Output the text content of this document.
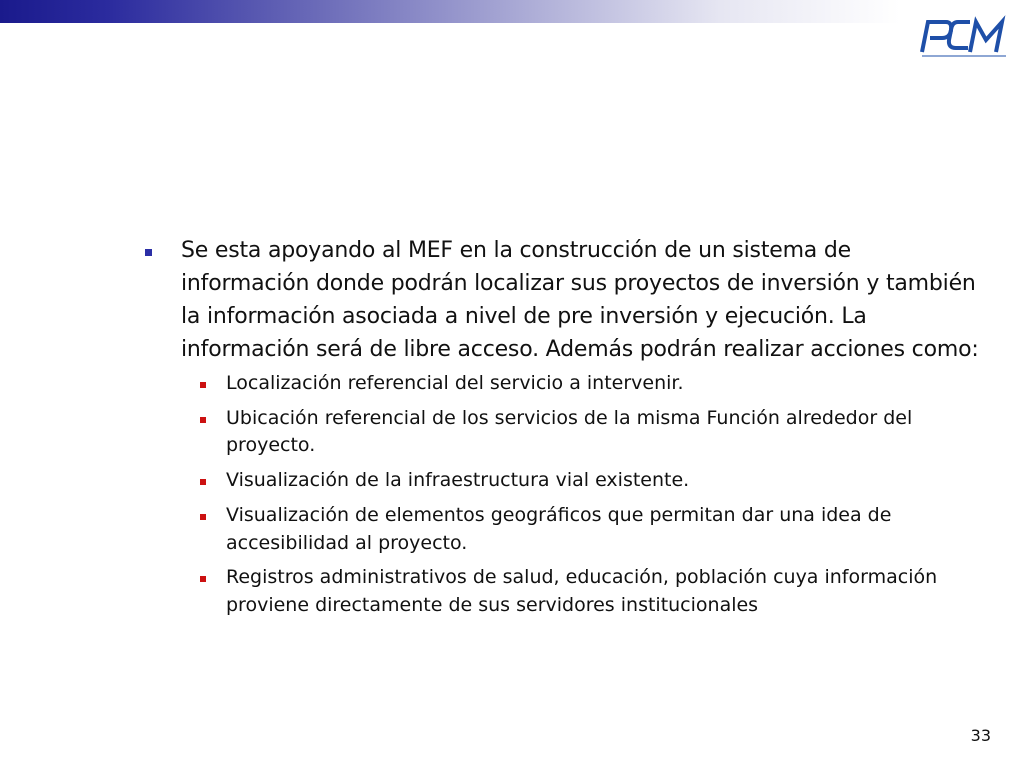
Se esta apoyando al MEF en la construcción de un sistema de información donde podrán localizar sus proyectos de inversión y también la información asociada a nivel de pre inversión y ejecución. La información será de libre acceso. Además podrán realizar acciones como:
Localización referencial del servicio a intervenir.
Ubicación referencial de los servicios de la misma Función alrededor del proyecto.
Visualización de la infraestructura vial existente.
Visualización de elementos geográficos que permitan dar una idea de accesibilidad al proyecto.
Registros administrativos de salud, educación, población cuya información proviene directamente de sus servidores institucionales
33
